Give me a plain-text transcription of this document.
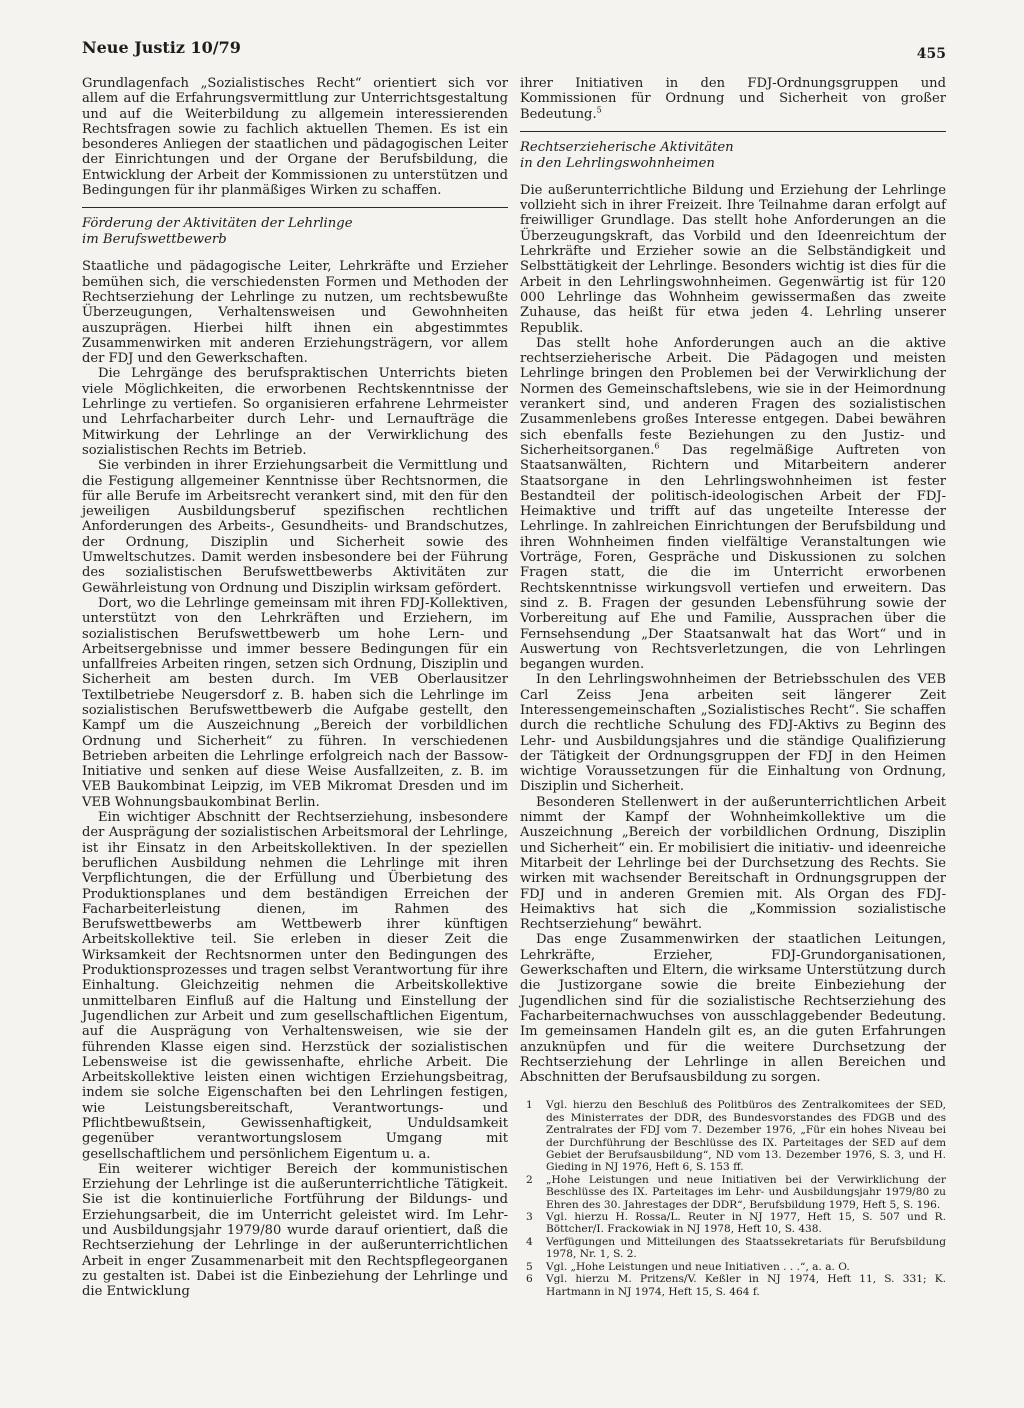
Neue Justiz 10/79	455

Grundlagenfach „Sozialistisches Recht“ orientiert sich vor allem auf die Erfahrungsvermittlung zur Unterrichtsgestaltung und auf die Weiterbildung zu allgemein interessierenden Rechtsfragen sowie zu fachlich aktuellen Themen. Es ist ein besonderes Anliegen der staatlichen und pädagogischen Leiter der Einrichtungen und der Organe der Berufsbildung, die Entwicklung der Arbeit der Kommissionen zu unterstützen und Bedingungen für ihr planmäßiges Wirken zu schaffen.

Förderung der Aktivitäten der Lehrlinge
im Berufswettbewerb

Staatliche und pädagogische Leiter, Lehrkräfte und Erzieher bemühen sich, die verschiedensten Formen und Methoden der Rechtserziehung der Lehrlinge zu nutzen, um rechtsbewußte Überzeugungen, Verhaltensweisen und Gewohnheiten auszuprägen. Hierbei hilft ihnen ein abgestimmtes Zusammenwirken mit anderen Erziehungsträgern, vor allem der FDJ und den Gewerkschaften.

Die Lehrgänge des berufspraktischen Unterrichts bieten viele Möglichkeiten, die erworbenen Rechtskenntnisse der Lehrlinge zu vertiefen. So organisieren erfahrene Lehrmeister und Lehrfacharbeiter durch Lehr- und Lernaufträge die Mitwirkung der Lehrlinge an der Verwirklichung des sozialistischen Rechts im Betrieb.

Sie verbinden in ihrer Erziehungsarbeit die Vermittlung und die Festigung allgemeiner Kenntnisse über Rechtsnormen, die für alle Berufe im Arbeitsrecht verankert sind, mit den für den jeweiligen Ausbildungsberuf spezifischen rechtlichen Anforderungen des Arbeits-, Gesundheits- und Brandschutzes, der Ordnung, Disziplin und Sicherheit sowie des Umweltschutzes. Damit werden insbesondere bei der Führung des sozialistischen Berufswettbewerbs Aktivitäten zur Gewährleistung von Ordnung und Disziplin wirksam gefördert.

Dort, wo die Lehrlinge gemeinsam mit ihren FDJ-Kollektiven, unterstützt von den Lehrkräften und Erziehern, im sozialistischen Berufswettbewerb um hohe Lern- und Arbeitsergebnisse und immer bessere Bedingungen für ein unfallfreies Arbeiten ringen, setzen sich Ordnung, Disziplin und Sicherheit am besten durch. Im VEB Oberlausitzer Textilbetriebe Neugersdorf z. B. haben sich die Lehrlinge im sozialistischen Berufswettbewerb die Aufgabe gestellt, den Kampf um die Auszeichnung „Bereich der vorbildlichen Ordnung und Sicherheit“ zu führen. In verschiedenen Betrieben arbeiten die Lehrlinge erfolgreich nach der Bassow-Initiative und senken auf diese Weise Ausfallzeiten, z. B. im VEB Baukombinat Leipzig, im VEB Mikromat Dresden und im VEB Wohnungsbaukombinat Berlin.

Ein wichtiger Abschnitt der Rechtserziehung, insbesondere der Ausprägung der sozialistischen Arbeitsmoral der Lehrlinge, ist ihr Einsatz in den Arbeitskollektiven. In der speziellen beruflichen Ausbildung nehmen die Lehrlinge mit ihren Verpflichtungen, die der Erfüllung und Überbietung des Produktionsplanes und dem beständigen Erreichen der Facharbeiterleistung dienen, im Rahmen des Berufswettbewerbs am Wettbewerb ihrer künftigen Arbeitskollektive teil. Sie erleben in dieser Zeit die Wirksamkeit der Rechtsnormen unter den Bedingungen des Produktionsprozesses und tragen selbst Verantwortung für ihre Einhaltung. Gleichzeitig nehmen die Arbeitskollektive unmittelbaren Einfluß auf die Haltung und Einstellung der Jugendlichen zur Arbeit und zum gesellschaftlichen Eigentum, auf die Ausprägung von Verhaltensweisen, wie sie der führenden Klasse eigen sind. Herzstück der sozialistischen Lebensweise ist die gewissenhafte, ehrliche Arbeit. Die Arbeitskollektive leisten einen wichtigen Erziehungsbeitrag, indem sie solche Eigenschaften bei den Lehrlingen festigen, wie Leistungsbereitschaft, Verantwortungs- und Pflichtbewußtsein, Gewissenhaftigkeit, Unduldsamkeit gegenüber verantwortungslosem Umgang mit gesellschaftlichem und persönlichem Eigentum u. a.

Ein weiterer wichtiger Bereich der kommunistischen Erziehung der Lehrlinge ist die außerunterrichtliche Tätigkeit. Sie ist die kontinuierliche Fortführung der Bildungs- und Erziehungsarbeit, die im Unterricht geleistet wird. Im Lehr- und Ausbildungsjahr 1979/80 wurde darauf orientiert, daß die Rechtserziehung der Lehrlinge in der außerunterrichtlichen Arbeit in enger Zusammenarbeit mit den Rechtspflegeorganen zu gestalten ist. Dabei ist die Einbeziehung der Lehrlinge und die Entwicklung

ihrer Initiativen in den FDJ-Ordnungsgruppen und Kommissionen für Ordnung und Sicherheit von großer Bedeutung.$^5$

Rechtserzieherische Aktivitäten
in den Lehrlingswohnheimen

Die außerunterrichtliche Bildung und Erziehung der Lehrlinge vollzieht sich in ihrer Freizeit. Ihre Teilnahme daran erfolgt auf freiwilliger Grundlage. Das stellt hohe Anforderungen an die Überzeugungskraft, das Vorbild und den Ideenreichtum der Lehrkräfte und Erzieher sowie an die Selbständigkeit und Selbsttätigkeit der Lehrlinge. Besonders wichtig ist dies für die Arbeit in den Lehrlingswohnheimen. Gegenwärtig ist für 120 000 Lehrlinge das Wohnheim gewissermaßen das zweite Zuhause, das heißt für etwa jeden 4. Lehrling unserer Republik.

Das stellt hohe Anforderungen auch an die aktive rechtserzieherische Arbeit. Die Pädagogen und meisten Lehrlinge bringen den Problemen bei der Verwirklichung der Normen des Gemeinschaftslebens, wie sie in der Heimordnung verankert sind, und anderen Fragen des sozialistischen Zusammenlebens großes Interesse entgegen. Dabei bewähren sich ebenfalls feste Beziehungen zu den Justiz- und Sicherheitsorganen.$^6$ Das regelmäßige Auftreten von Staatsanwälten, Richtern und Mitarbeitern anderer Staatsorgane in den Lehrlingswohnheimen ist fester Bestandteil der politisch-ideologischen Arbeit der FDJ-Heimaktive und trifft auf das ungeteilte Interesse der Lehrlinge. In zahlreichen Einrichtungen der Berufsbildung und ihren Wohnheimen finden vielfältige Veranstaltungen wie Vorträge, Foren, Gespräche und Diskussionen zu solchen Fragen statt, die die im Unterricht erworbenen Rechtskenntnisse wirkungsvoll vertiefen und erweitern. Das sind z. B. Fragen der gesunden Lebensführung sowie der Vorbereitung auf Ehe und Familie, Aussprachen über die Fernsehsendung „Der Staatsanwalt hat das Wort“ und in Auswertung von Rechtsverletzungen, die von Lehrlingen begangen wurden.

In den Lehrlingswohnheimen der Betriebsschulen des VEB Carl Zeiss Jena arbeiten seit längerer Zeit Interessengemeinschaften „Sozialistisches Recht“. Sie schaffen durch die rechtliche Schulung des FDJ-Aktivs zu Beginn des Lehr- und Ausbildungsjahres und die ständige Qualifizierung der Tätigkeit der Ordnungsgruppen der FDJ in den Heimen wichtige Voraussetzungen für die Einhaltung von Ordnung, Disziplin und Sicherheit.

Besonderen Stellenwert in der außerunterrichtlichen Arbeit nimmt der Kampf der Wohnheimkollektive um die Auszeichnung „Bereich der vorbildlichen Ordnung, Disziplin und Sicherheit“ ein. Er mobilisiert die initiativ- und ideenreiche Mitarbeit der Lehrlinge bei der Durchsetzung des Rechts. Sie wirken mit wachsender Bereitschaft in Ordnungsgruppen der FDJ und in anderen Gremien mit. Als Organ des FDJ-Heimaktivs hat sich die „Kommission sozialistische Rechtserziehung“ bewährt.

Das enge Zusammenwirken der staatlichen Leitungen, Lehrkräfte, Erzieher, FDJ-Grundorganisationen, Gewerkschaften und Eltern, die wirksame Unterstützung durch die Justizorgane sowie die breite Einbeziehung der Jugendlichen sind für die sozialistische Rechtserziehung des Facharbeiternachwuchses von ausschlaggebender Bedeutung. Im gemeinsamen Handeln gilt es, an die guten Erfahrungen anzuknüpfen und für die weitere Durchsetzung der Rechtserziehung der Lehrlinge in allen Bereichen und Abschnitten der Berufsausbildung zu sorgen.

1	Vgl. hierzu den Beschluß des Politbüros des Zentralkomitees der SED, des Ministerrates der DDR, des Bundesvorstandes des FDGB und des Zentralrates der FDJ vom 7. Dezember 1976, „Für ein hohes Niveau bei der Durchführung der Beschlüsse des IX. Parteitages der SED auf dem Gebiet der Berufsausbildung“, ND vom 13. Dezember 1976, S. 3, und H. Gieding in NJ 1976, Heft 6, S. 153 ff.
2	„Hohe Leistungen und neue Initiativen bei der Verwirklichung der Beschlüsse des IX. Parteitages im Lehr- und Ausbildungsjahr 1979/80 zu Ehren des 30. Jahrestages der DDR“, Berufsbildung 1979, Heft 5, S. 196.
3	Vgl. hierzu H. Rossa/L. Reuter in NJ 1977, Heft 15, S. 507 und R. Böttcher/I. Frackowiak in NJ 1978, Heft 10, S. 438.
4	Verfügungen und Mitteilungen des Staatssekretariats für Berufsbildung 1978, Nr. 1, S. 2.
5	Vgl. „Hohe Leistungen und neue Initiativen . . .“, a. a. O.
6	Vgl. hierzu M. Pritzens/V. Keßler in NJ 1974, Heft 11, S. 331; K. Hartmann in NJ 1974, Heft 15, S. 464 f.
